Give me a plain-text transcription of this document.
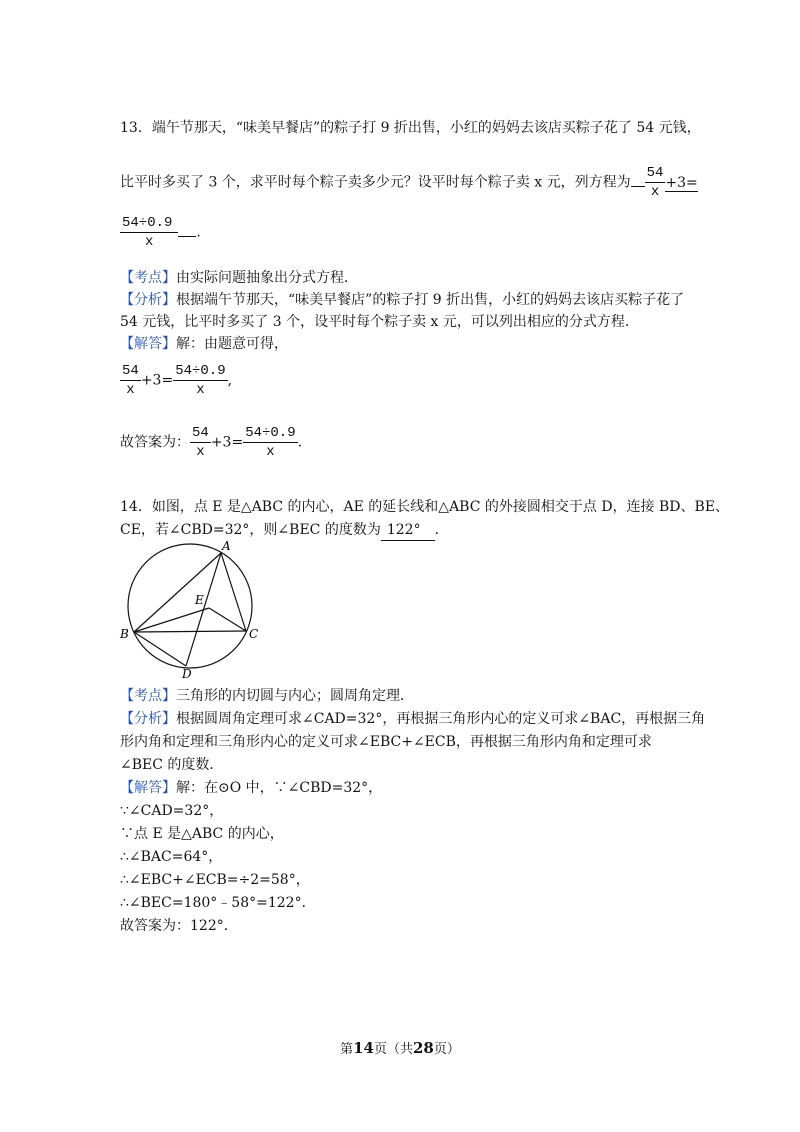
13．端午节那天，“味美早餐店”的粽子打 9 折出售，小红的妈妈去该店买粽子花了 54 元钱，
比平时多买了 3 个，求平时每个粽子卖多少元？设平时每个粽子卖 x 元，列方程为 $\frac{54}{x} +3=$
$\frac{54\div 0.9}{x}$ .
【考点】由实际问题抽象出分式方程．
【分析】根据端午节那天，“味美早餐店”的粽子打 9 折出售，小红的妈妈去该店买粽子花了
54 元钱，比平时多买了 3 个，设平时每个粽子卖 x 元，可以列出相应的分式方程．
【解答】解：由题意可得，
$\frac{54}{x} +3= \frac{54\div 0.9}{x}$ ,
故答案为： $\frac{54}{x} +3= \frac{54\div 0.9}{x}$ .
14．如图，点 E 是△ABC 的内心，AE 的延长线和△ABC 的外接圆相交于点 D，连接 BD、BE、
CE，若∠CBD=32°，则∠BEC 的度数为 122° ．
A
B	C
D
E
【考点】三角形的内切圆与内心；圆周角定理．
【分析】根据圆周角定理可求∠CAD=32°，再根据三角形内心的定义可求∠BAC，再根据三角
形内角和定理和三角形内心的定义可求∠EBC+∠ECB，再根据三角形内角和定理可求
∠BEC 的度数．
【解答】解：在⊙O 中，∵∠CBD=32°，
∵∠CAD=32°，
∵点 E 是△ABC 的内心，
∴∠BAC=64°，
∴∠EBC+∠ECB=÷2=58°，
∴∠BEC=180°﹣58°=122°．
故答案为：122°．
第14页（共28页）
